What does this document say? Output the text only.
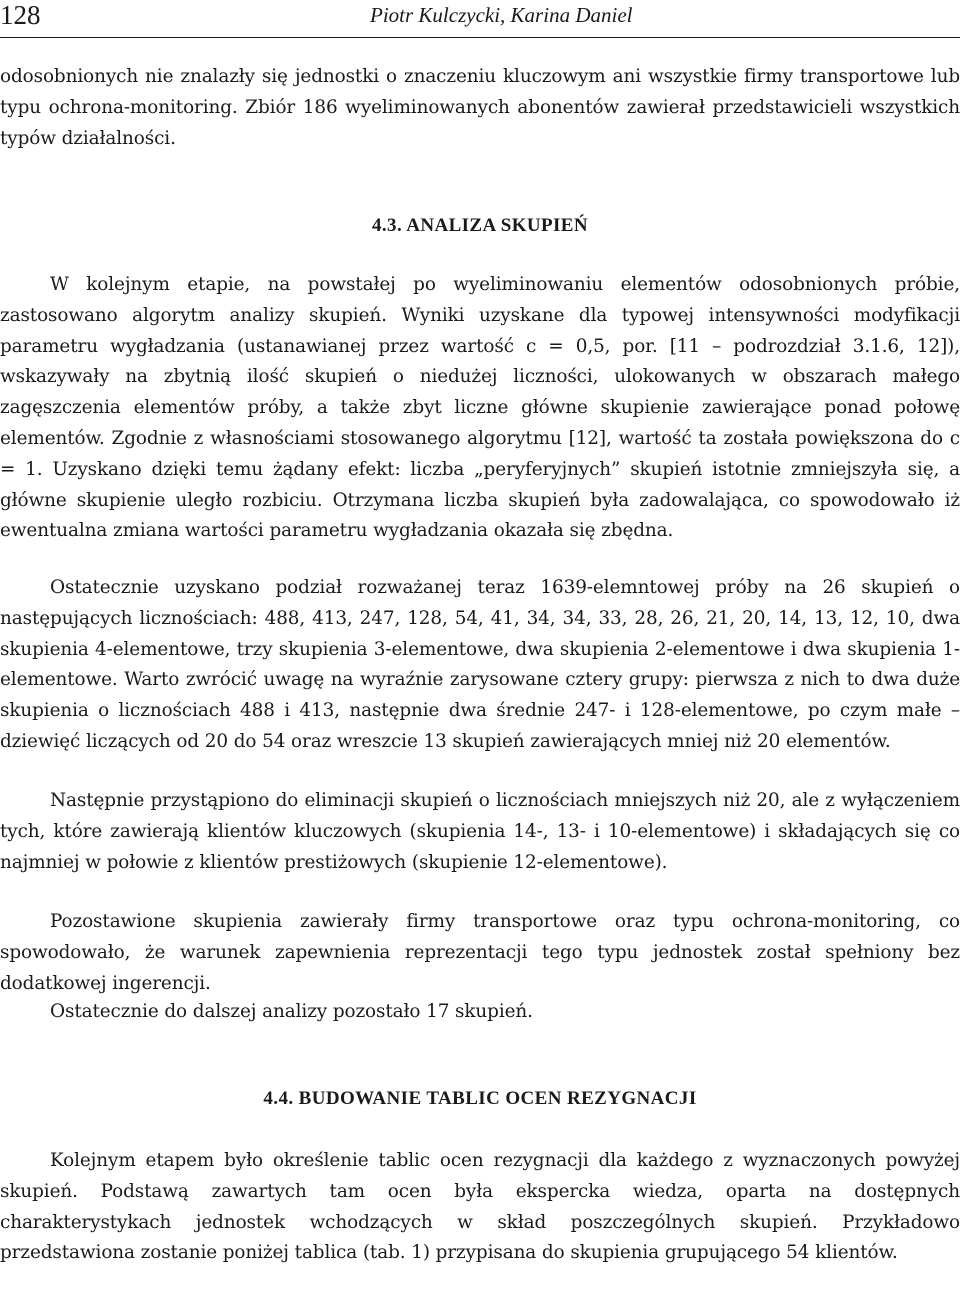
128	Piotr Kulczycki, Karina Daniel

odosobnionych nie znalazły się jednostki o znaczeniu kluczowym ani wszystkie firmy transportowe lub typu ochrona-monitoring. Zbiór 186 wyeliminowanych abonentów zawierał przedstawicieli wszystkich typów działalności.

4.3. ANALIZA SKUPIEŃ

W kolejnym etapie, na powstałej po wyeliminowaniu elementów odosobnionych próbie, zastosowano algorytm analizy skupień. Wyniki uzyskane dla typowej intensywności modyfikacji parametru wygładzania (ustanawianej przez wartość c = 0,5, por. [11 – podrozdział 3.1.6, 12]), wskazywały na zbytnią ilość skupień o niedużej liczności, ulokowanych w obszarach małego zagęszczenia elementów próby, a także zbyt liczne główne skupienie zawierające ponad połowę elementów. Zgodnie z własnościami stosowanego algorytmu [12], wartość ta została powiększona do c = 1. Uzyskano dzięki temu żądany efekt: liczba „peryferyjnych” skupień istotnie zmniejszyła się, a główne skupienie uległo rozbiciu. Otrzymana liczba skupień była zadowalająca, co spowodowało iż ewentualna zmiana wartości parametru wygładzania okazała się zbędna.

Ostatecznie uzyskano podział rozważanej teraz 1639-elemntowej próby na 26 skupień o następujących licznościach: 488, 413, 247, 128, 54, 41, 34, 34, 33, 28, 26, 21, 20, 14, 13, 12, 10, dwa skupienia 4-elementowe, trzy skupienia 3-elementowe, dwa skupienia 2-elementowe i dwa skupienia 1-elementowe. Warto zwrócić uwagę na wyraźnie zarysowane cztery grupy: pierwsza z nich to dwa duże skupienia o licznościach 488 i 413, następnie dwa średnie 247- i 128-elementowe, po czym małe – dziewięć liczących od 20 do 54 oraz wreszcie 13 skupień zawierających mniej niż 20 elementów.

Następnie przystąpiono do eliminacji skupień o licznościach mniejszych niż 20, ale z wyłączeniem tych, które zawierają klientów kluczowych (skupienia 14-, 13- i 10-elementowe) i składających się co najmniej w połowie z klientów prestiżowych (skupienie 12-elementowe).

Pozostawione skupienia zawierały firmy transportowe oraz typu ochrona-monitoring, co spowodowało, że warunek zapewnienia reprezentacji tego typu jednostek został spełniony bez dodatkowej ingerencji.

Ostatecznie do dalszej analizy pozostało 17 skupień.

4.4. BUDOWANIE TABLIC OCEN REZYGNACJI

Kolejnym etapem było określenie tablic ocen rezygnacji dla każdego z wyznaczonych powyżej skupień. Podstawą zawartych tam ocen była ekspercka wiedza, oparta na dostępnych charakterystykach jednostek wchodzących w skład poszczególnych skupień. Przykładowo przedstawiona zostanie poniżej tablica (tab. 1) przypisana do skupienia grupującego 54 klientów.
